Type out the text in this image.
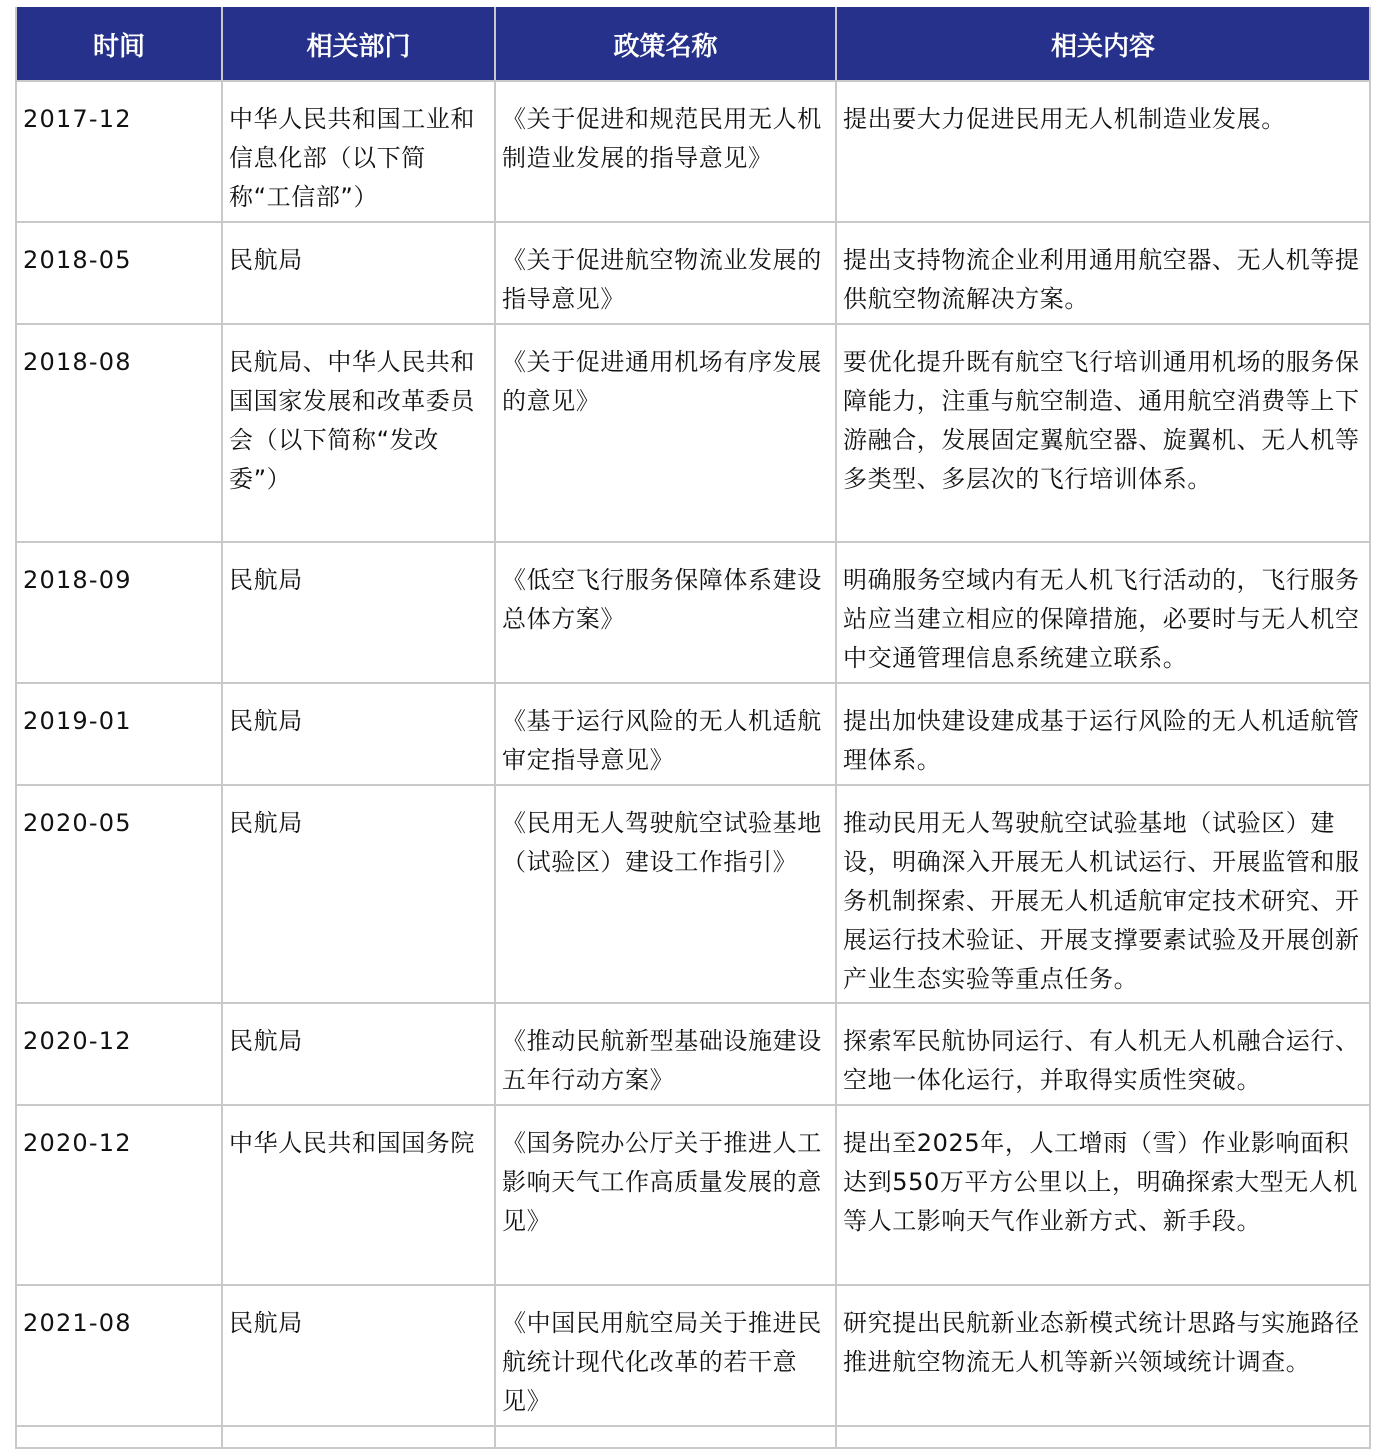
时间	相关部门	政策名称	相关内容
2017-12	中华人民共和国工业和信息化部（以下简称“工信部”）	《关于促进和规范民用无人机制造业发展的指导意见》	提出要大力促进民用无人机制造业发展。
2018-05	民航局	《关于促进航空物流业发展的指导意见》	提出支持物流企业利用通用航空器、无人机等提供航空物流解决方案。
2018-08	民航局、中华人民共和国国家发展和改革委员会（以下简称“发改委”）	《关于促进通用机场有序发展的意见》	要优化提升既有航空飞行培训通用机场的服务保障能力，注重与航空制造、通用航空消费等上下游融合，发展固定翼航空器、旋翼机、无人机等多类型、多层次的飞行培训体系。
2018-09	民航局	《低空飞行服务保障体系建设总体方案》	明确服务空域内有无人机飞行活动的，飞行服务站应当建立相应的保障措施，必要时与无人机空中交通管理信息系统建立联系。
2019-01	民航局	《基于运行风险的无人机适航审定指导意见》	提出加快建设建成基于运行风险的无人机适航管理体系。
2020-05	民航局	《民用无人驾驶航空试验基地（试验区）建设工作指引》	推动民用无人驾驶航空试验基地（试验区）建设，明确深入开展无人机试运行、开展监管和服务机制探索、开展无人机适航审定技术研究、开展运行技术验证、开展支撑要素试验及开展创新产业生态实验等重点任务。
2020-12	民航局	《推动民航新型基础设施建设五年行动方案》	探索军民航协同运行、有人机无人机融合运行、空地一体化运行，并取得实质性突破。
2020-12	中华人民共和国国务院	《国务院办公厅关于推进人工影响天气工作高质量发展的意见》	提出至2025年，人工增雨（雪）作业影响面积达到550万平方公里以上，明确探索大型无人机等人工影响天气作业新方式、新手段。
2021-08	民航局	《中国民用航空局关于推进民航统计现代化改革的若干意见》	研究提出民航新业态新模式统计思路与实施路径推进航空物流无人机等新兴领域统计调查。
